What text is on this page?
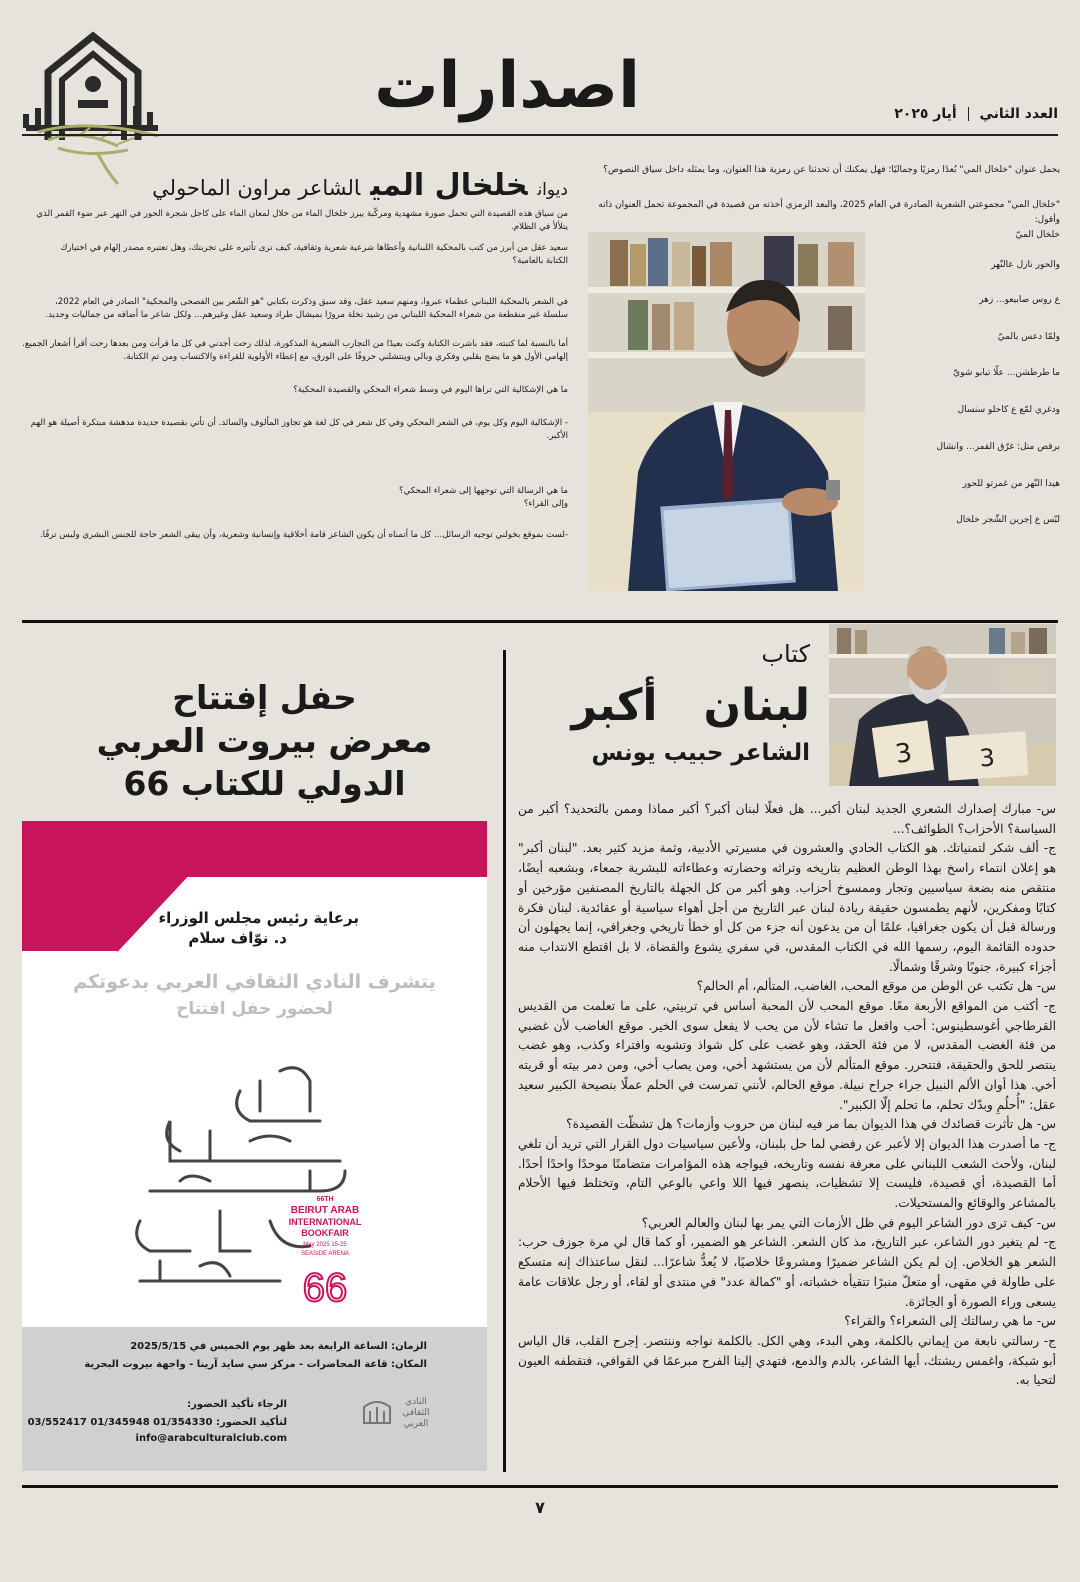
اصدارات	العدد الثاني  أيار ٢٠٢٥
ديوانخلخال الميالشاعر مراون الماحولي
يحمل عنوان "خلخال المي" بُعدًا رمزيًا وجماليًا؛ فهل يمكنك أن تحدثنا عن رمزية هذا العنوان، وما يمثله داخل سياق النصوص؟
"خلخال المي" مجموعتي الشعرية الصادرة في العام 2025، والبعد الرمزي أخذته من قصيدة في المجموعة تحمل العنوان ذاته وأقول:
خلخال الميّ
والحور نازل عالنّهر
ع روس صابيعو... زهر
ولمّا دعس بالميّ
ما طرطشن... علّا تيابو شويّ
ودغري لمّع ع كاحلو سنسال
برقص متل: غرّق القمر... وانشال
هيدا النّهر من غمرتو للحور
لبّس ع إجرين الشّجر خلخال
من سياق هذه القصيدة التي تحمل صورة مشهدية ومركّبة يبرز خلخال الماء من خلال لمعان الماء على كاحل شجرة الحور في النهر عبر ضوء القمر الذي
يتلألأ في الظلام.
سعيد عقل من أبرز من كتب بالمحكية اللبنانية وأعطاها شرعية شعرية وثقافية، كيف ترى تأثيره على تجربتك، وهل تعتبره مصدر إلهام في اختيارك
الكتابة بالعامية؟
في الشعر بالمحكية اللبناني عظماء عبروا، ومنهم سعيد عقل، وقد سبق وذكرت بكتابي "هو الشّعر بين الفصحى والمحكية" الصادر في العام 2022،
سلسلة غير منقطعة من شعراء المحكية اللبناني من رشيد نخلة مرورًا بميشال طراد وسعيد عقل وغيرهم... ولكل شاعر ما أضافه من جماليات وجديد.
أما بالنسبة لما كتبته، فقد باشرت الكتابة وكنت بعيدًا من التجارب الشعرية المذكورة، لذلك رحت أجدني في كل ما قرأت ومن بعدها رحت أقرأ أشعار الجميع.
إلهامي الأول هو ما يضج بقلبي وفكري وبالي وينتشلني حروفًا على الورق، مع إعطاء الأولوية للقراءة والاكتساب ومن ثم الكتابة.
ما هي الإشكالية التي تراها اليوم في وسط شعراء المحكي والقصيدة المحكية؟
- الإشكالية اليوم وكل يوم، في الشعر المحكي وفي كل شعر في كل لغة هو تجاوز المألوف والسائد. أن تأتي بقصيدة جديدة مدهشة مبتكرة أصيلة هو الهم
الأكبر.
ما هي الرسالة التي توجهها إلى شعراء المحكي؟
وإلى القراء؟
-لست بموقع بخولني توجيه الرسائل... كل ما أتمناه أن يكون الشاعر قامة أخلاقية وإنسانية وشعرية، وأن يبقى الشعر حاجة للجنس البشري وليس ترفًا.
كتاب
لبنان   أكبر
الشاعر حبيب يونس	3	3
س- مبارك إصدارك الشعري الجديد لبنان أكبر... هل فعلًا لبنان أكبر؟ أكبر مماذا وممن بالتحديد؟ أكبر من السياسة؟ الأحزاب؟ الطوائف؟...
ج- ألف شكر لتمنياتك. هو الكتاب الحادي والعشرون في مسيرتي الأدبية، وثمة مزيد كثير بعد. "لبنان أكبر" هو إعلان انتماء راسخ بهذا الوطن العظيم بتاريخه وتراثه وحضارته وعطاءاته للبشرية جمعاء، وبشعبه أيضًا، منتقص منه بضعة سياسيين وتجار وممسوخ أحزاب. وهو أكبر من كل الجهلة بالتاريخ المصنفين مؤرخين أو كتابًا ومفكرين، لأنهم يطمسون حقيقة ريادة لبنان عبر التاريخ من أجل أهواء سياسية أو عقائدية. لبنان فكرة ورسالة قبل أن يكون جغرافيا، علمًا أن من يدعون أنه جزء من كل أو خطأ تاريخي وجغرافي، إنما يجهلون أن حدوده القائمة اليوم، رسمها الله في الكتاب المقدس، في سفري يشوع والقضاة، لا بل اقتطع الانتداب منه أجزاء كبيرة، جنوبًا وشرقًا وشمالًا.
س- هل تكتب عن الوطن من موقع المحب، الغاضب، المتألم، أم الحالم؟
ج- أكتب من المواقع الأربعة معًا. موقع المحب لأن المحبة أساس في تربيتي، على ما تعلمت من القديس القرطاجي أغوسطينوس: أحب وافعل ما تشاء لأن من يحب لا يفعل سوى الخير. موقع الغاضب لأن غضبي من فئة الغضب المقدس، لا من فئة الحقد، وهو غضب على كل شواذ وتشويه وافتراء وكذب، وهو غضب ينتصر للحق والحقيقة، فتتحرر. موقع المتألم لأن من يستشهد أخي، ومن يصاب أخي، ومن دمر بيته أو قريته أخي. هذا أوان الألم النبيل جراء جراح نبيلة. موقع الحالم، لأنني تمرست في الحلم عملًا بنصيحة الكبير سعيد عقل: "أُحلُمِ وبدّك تحلم، ما تحلم إلّا الكبير".
س- هل تأثرت قصائدك في هذا الديوان بما مر فيه لبنان من حروب وأزمات؟ هل تشظّت القصيدة؟
ج- ما أصدرت هذا الديوان إلا لأعبر عن رفضي لما حل بلبنان، ولأعين سياسيات دول القرار التي تريد أن تلغي لبنان، ولأحث الشعب اللبناني على معرفة نفسه وتاريخه، فيواجه هذه المؤامرات متضامنًا موحدًا واحدًا أحدًا. أما القصيدة، أي قصيدة، فليست إلا تشظيات، ينصهر فيها اللا واعي بالوعي التام، وتختلط فيها الأحلام بالمشاعر والوقائع والمستحيلات.
س- كيف ترى دور الشاعر اليوم في ظل الأزمات التي يمر بها لبنان والعالم العربي؟
ج- لم يتغير دور الشاعر، عبر التاريخ، مذ كان الشعر. الشاعر هو الضمير، أو كما قال لي مرة جوزف حرب: الشعر هو الخلاص. إن لم يكن الشاعر ضميرًا ومشروعًا خلاصيًا، لا يُعدُّ شاعرًا... لنقل ساعتذاك إنه متسكع على طاولة في مقهى، أو متعلّ منبرًا تتقيأه خشباته، أو "كمالة عدد" في منتدى أو لقاء، أو رجل علاقات عامة يسعى وراء الصورة أو الجائزة.
س- ما هي رسالتك إلى الشعراء؟ والقراء؟
ج- رسالتي نابعة من إيماني بالكلمة، وهي البدء، وهي الكل. بالكلمة نواجه وننتصر. إجرح القلب، قال الياس أبو شبكة، واغمس ريشتك، أيها الشاعر، بالدم والدمع، فتهدي إلينا الفرح مبرعمًا في القوافي، فتقطفه العيون لتحيا به.
حفل إفتتاح
معرض بيروت العربي
الدولي للكتاب 66
برعاية رئيس مجلس الوزراء
د. نوّاف سلام
يتشرف النادي الثقافي العربي بدعوتكم
لحضور حفل افتتاح
66TH
BEIRUT ARAB
INTERNATIONAL
BOOKFAIR
15-25 May 2025
SEASIDE ARENA
66
الزمان: الساعة الرابعة بعد ظهر يوم الخميس في 2025/5/15
المكان: قاعة المحاضرات - مركز سي سايد آرينا - واجهة بيروت البحرية
الرجاء تأكيد الحضور:
لتأكيد الحضور: 03/552417 01/345948 01/354330
info@arabculturalclub.com
النادي الثقافي العربي
٧
